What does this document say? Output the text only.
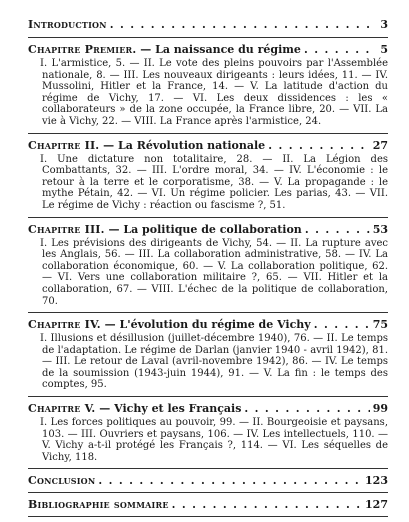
Introduction . . .	3
Chapitre Premier.
— La naissance du régime . . .	5

I. L'armistice, 5. — II. Le vote des pleins pouvoirs par l'Assemblée nationale, 8. — III. Les nouveaux dirigeants : leurs idées, 11. — IV. Mussolini, Hitler et la France, 14. — V. La latitude d'action du régime de Vichy, 17. — VI. Les deux dissidences : les « collaborateurs » de la zone occupée, la France libre, 20. — VII. La vie à Vichy, 22. — VIII. La France après l'armistice, 24.

Chapitre II.
— La Révolution nationale . . .	27

I. Une dictature non totalitaire, 28. — II. La Légion des Combattants, 32. — III. L'ordre moral, 34. — IV. L'économie : le retour à la terre et le corporatisme, 38. — V. La propagande : le mythe Pétain, 42. — VI. Un régime policier. Les parias, 43. — VII. Le régime de Vichy : réaction ou fascisme ?, 51.

Chapitre III.
— La politique de collaboration . . .	53

I. Les prévisions des dirigeants de Vichy, 54. — II. La rupture avec les Anglais, 56. — III. La collaboration administrative, 58. — IV. La collaboration économique, 60. — V. La collaboration politique, 62. — VI. Vers une collaboration militaire ?, 65. — VII. Hitler et la collaboration, 67. — VIII. L'échec de la politique de collaboration, 70.

Chapitre IV.
— L'évolution du régime de Vichy . . .	75

I. Illusions et désillusion (juillet-décembre 1940), 76. — II. Le temps de l'adaptation. Le régime de Darlan (janvier 1940 - avril 1942), 81. — III. Le retour de Laval (avril-novembre 1942), 86. — IV. Le temps de la soumission (1943-juin 1944), 91. — V. La fin : le temps des comptes, 95.

Chapitre V.
— Vichy et les Français . . .	99

I. Les forces politiques au pouvoir, 99. — II. Bourgeoisie et paysans, 103. — III. Ouvriers et paysans, 106. — IV. Les intellectuels, 110. — V. Vichy a-t-il protégé les Français ?, 114. — VI. Les séquelles de Vichy, 118.

Conclusion . . .	123
Bibliographie sommaire . . .	127
